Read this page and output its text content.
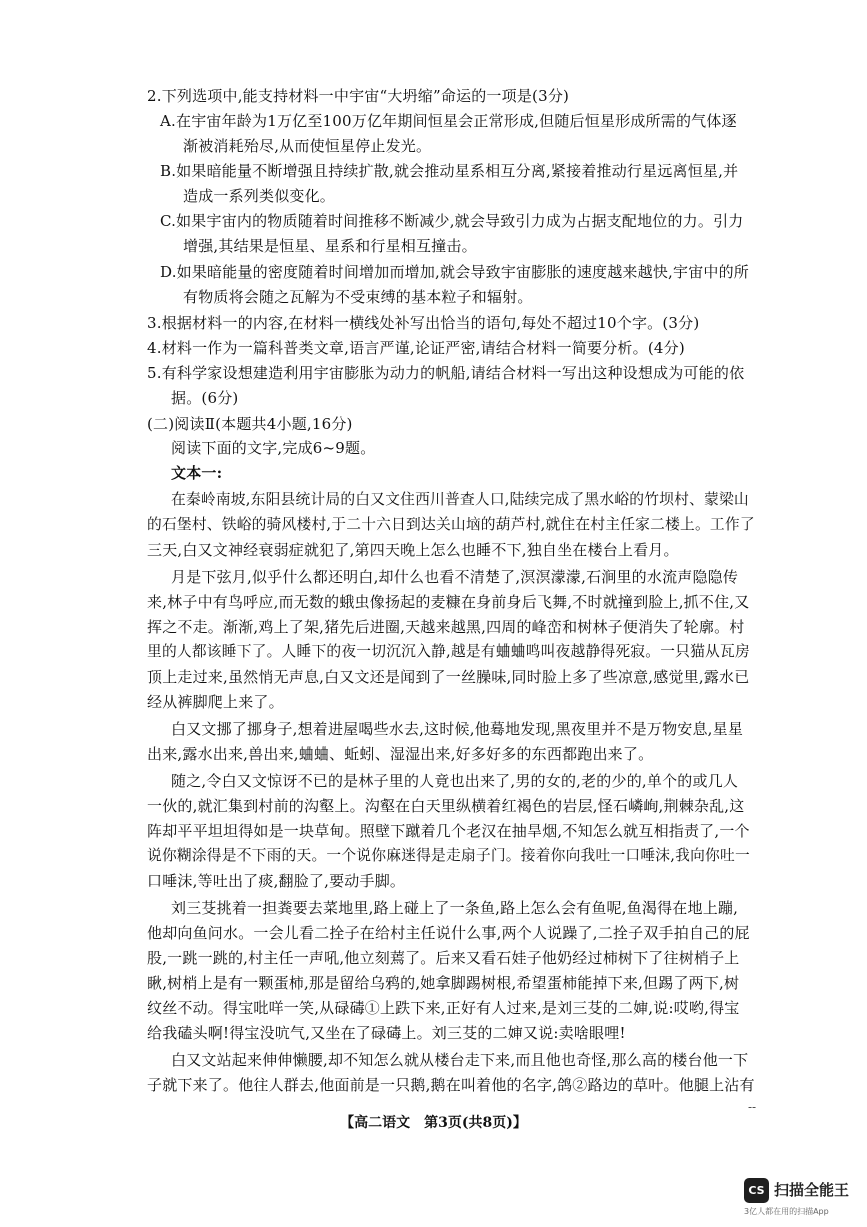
2.下列选项中,能支持材料一中宇宙“大坍缩”命运的一项是(3分)
A.在宇宙年龄为1万亿至100万亿年期间恒星会正常形成,但随后恒星形成所需的气体逐
渐被消耗殆尽,从而使恒星停止发光。
B.如果暗能量不断增强且持续扩散,就会推动星系相互分离,紧接着推动行星远离恒星,并
造成一系列类似变化。
C.如果宇宙内的物质随着时间推移不断减少,就会导致引力成为占据支配地位的力。引力
增强,其结果是恒星、星系和行星相互撞击。
D.如果暗能量的密度随着时间增加而增加,就会导致宇宙膨胀的速度越来越快,宇宙中的所
有物质将会随之瓦解为不受束缚的基本粒子和辐射。
3.根据材料一的内容,在材料一横线处补写出恰当的语句,每处不超过10个字。(3分)
4.材料一作为一篇科普类文章,语言严谨,论证严密,请结合材料一简要分析。(4分)
5.有科学家设想建造利用宇宙膨胀为动力的帆船,请结合材料一写出这种设想成为可能的依
据。(6分)
(二)阅读Ⅱ(本题共4小题,16分)
阅读下面的文字,完成6~9题。
文本一:
在秦岭南坡,东阳县统计局的白又文住西川普查人口,陆续完成了黑水峪的竹坝村、蒙梁山
的石堡村、铁峪的骑风楼村,于二十六日到达关山垴的葫芦村,就住在村主任家二楼上。工作了
三天,白又文神经衰弱症就犯了,第四天晚上怎么也睡不下,独自坐在楼台上看月。
月是下弦月,似乎什么都还明白,却什么也看不清楚了,溟溟濛濛,石涧里的水流声隐隐传
来,林子中有鸟呼应,而无数的蛾虫像扬起的麦糠在身前身后飞舞,不时就撞到脸上,抓不住,又
挥之不走。渐渐,鸡上了架,猪先后进圈,天越来越黑,四周的峰峦和树林子便消失了轮廓。村
里的人都该睡下了。人睡下的夜一切沉沉入静,越是有蛐蛐鸣叫夜越静得死寂。一只猫从瓦房
顶上走过来,虽然悄无声息,白又文还是闻到了一丝臊味,同时脸上多了些凉意,感觉里,露水已
经从裤脚爬上来了。
白又文挪了挪身子,想着进屋喝些水去,这时候,他蓦地发现,黑夜里并不是万物安息,星星
出来,露水出来,兽出来,蛐蛐、蚯蚓、湿湿出来,好多好多的东西都跑出来了。
随之,令白又文惊讶不已的是林子里的人竟也出来了,男的女的,老的少的,单个的或几人
一伙的,就汇集到村前的沟壑上。沟壑在白天里纵横着红褐色的岩层,怪石嶙峋,荆棘杂乱,这
阵却平平坦坦得如是一块草甸。照壁下蹴着几个老汉在抽旱烟,不知怎么就互相指责了,一个
说你糊涂得是不下雨的天。一个说你麻迷得是走扇子门。接着你向我吐一口唾沫,我向你吐一
口唾沫,等吐出了痰,翻脸了,要动手脚。
刘三芟挑着一担粪要去菜地里,路上碰上了一条鱼,路上怎么会有鱼呢,鱼渴得在地上蹦,
他却向鱼问水。一会儿看二拴子在给村主任说什么事,两个人说躁了,二拴子双手拍自己的屁
股,一跳一跳的,村主任一声吼,他立刻蔫了。后来又看石娃子他奶经过柿树下了往树梢子上
瞅,树梢上是有一颗蛋柿,那是留给乌鸦的,她拿脚踢树根,希望蛋柿能掉下来,但踢了两下,树
纹丝不动。得宝吡咩一笑,从碌碡①上跌下来,正好有人过来,是刘三芟的二婶,说:哎哟,得宝
给我磕头啊!得宝没吭气,又坐在了碌碡上。刘三芟的二婶又说:卖啥眼哩!
白又文站起来伸伸懒腰,却不知怎么就从楼台走下来,而且他也奇怪,那么高的楼台他一下
子就下来了。他往人群去,他面前是一只鹅,鹅在叫着他的名字,鸽②路边的草叶。他腿上沾有
--
【高二语文　第3页(共8页)】
CS 扫描全能王
3亿人都在用的扫描App
